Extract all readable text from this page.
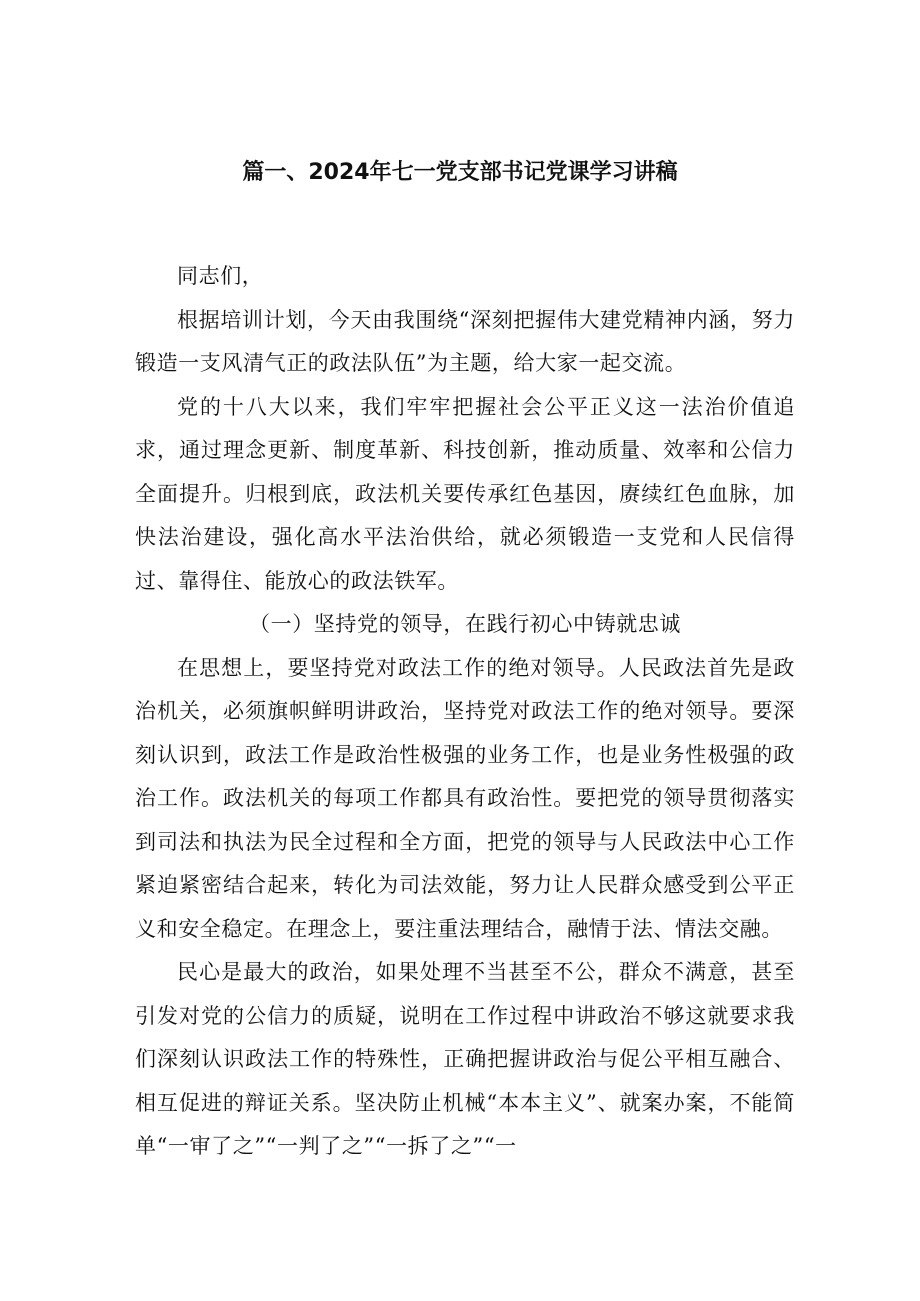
篇一、2024年七一党支部书记党课学习讲稿

同志们，

根据培训计划，今天由我围绕“深刻把握伟大建党精神内涵，努力锻造一支风清气正的政法队伍”为主题，给大家一起交流。

党的十八大以来，我们牢牢把握社会公平正义这一法治价值追求，通过理念更新、制度革新、科技创新，推动质量、效率和公信力全面提升。归根到底，政法机关要传承红色基因，赓续红色血脉，加快法治建设，强化高水平法治供给，就必须锻造一支党和人民信得过、靠得住、能放心的政法铁军。

（一）坚持党的领导，在践行初心中铸就忠诚

在思想上，要坚持党对政法工作的绝对领导。人民政法首先是政治机关，必须旗帜鲜明讲政治，坚持党对政法工作的绝对领导。要深刻认识到，政法工作是政治性极强的业务工作，也是业务性极强的政治工作。政法机关的每项工作都具有政治性。要把党的领导贯彻落实到司法和执法为民全过程和全方面，把党的领导与人民政法中心工作紧迫紧密结合起来，转化为司法效能，努力让人民群众感受到公平正义和安全稳定。在理念上，要注重法理结合，融情于法、情法交融。

民心是最大的政治，如果处理不当甚至不公，群众不满意，甚至引发对党的公信力的质疑，说明在工作过程中讲政治不够这就要求我们深刻认识政法工作的特殊性，正确把握讲政治与促公平相互融合、相互促进的辩证关系。坚决防止机械“本本主义”、就案办案，不能简单“一审了之”“一判了之”“一拆了之”“一
